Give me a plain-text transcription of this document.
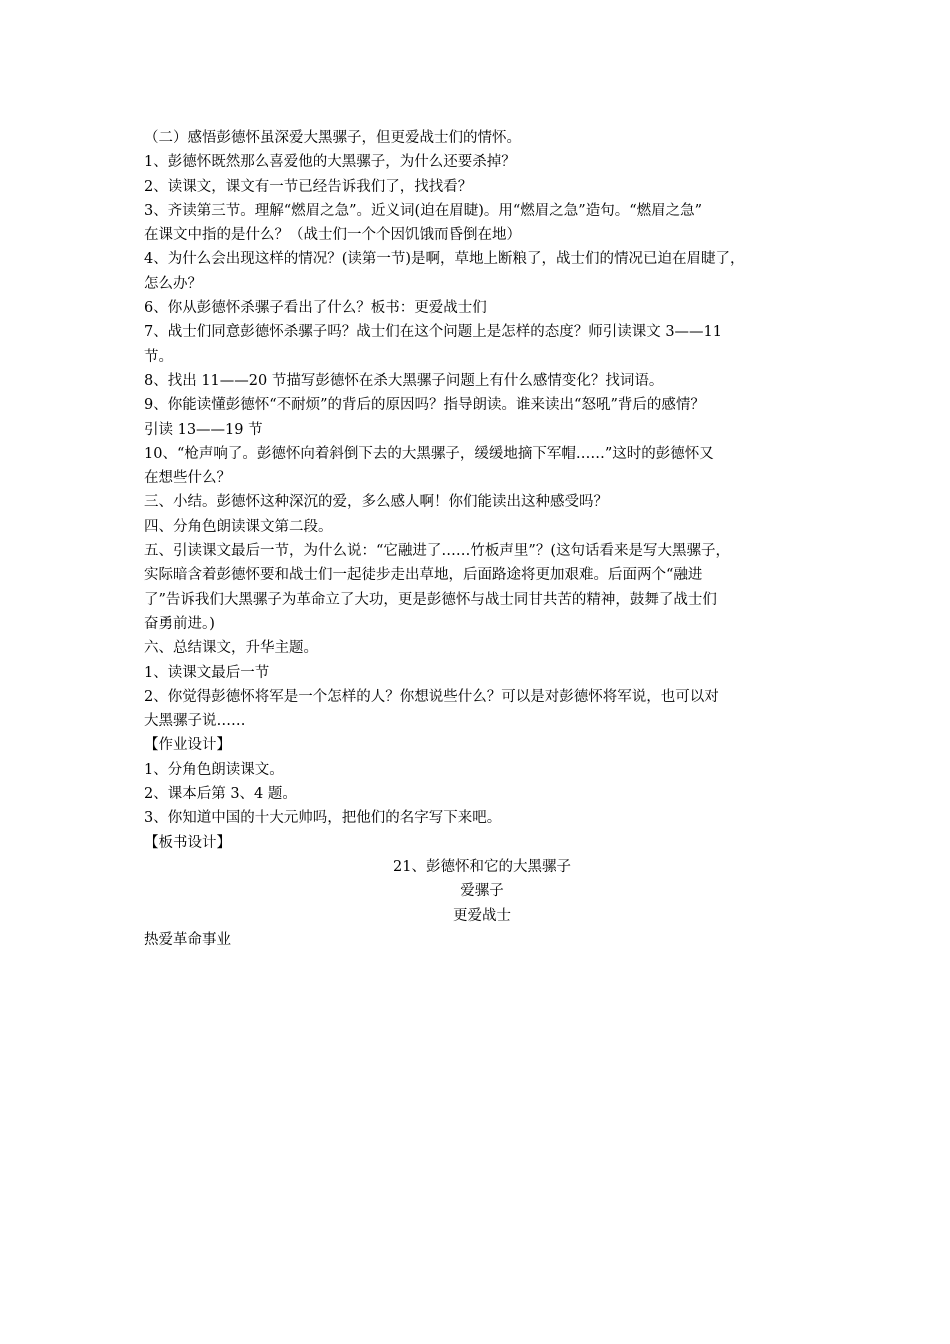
（二）感悟彭德怀虽深爱大黑骡子，但更爱战士们的情怀。
1、彭德怀既然那么喜爱他的大黑骡子，为什么还要杀掉？
2、读课文，课文有一节已经告诉我们了，找找看？
3、齐读第三节。理解“燃眉之急”。近义词(迫在眉睫)。用“燃眉之急”造句。“燃眉之急”
在课文中指的是什么？（战士们一个个因饥饿而昏倒在地）
4、为什么会出现这样的情况？(读第一节)是啊，草地上断粮了，战士们的情况已迫在眉睫了，
怎么办？
6、你从彭德怀杀骡子看出了什么？板书：更爱战士们
7、战士们同意彭德怀杀骡子吗？战士们在这个问题上是怎样的态度？师引读课文 3——11
节。
8、找出 11——20 节描写彭德怀在杀大黑骡子问题上有什么感情变化？找词语。
9、你能读懂彭德怀“不耐烦”的背后的原因吗？指导朗读。谁来读出“怒吼”背后的感情？
引读 13——19 节
10、“枪声响了。彭德怀向着斜倒下去的大黑骡子，缓缓地摘下军帽……”这时的彭德怀又
在想些什么？
三、小结。彭德怀这种深沉的爱，多么感人啊！你们能读出这种感受吗？
四、分角色朗读课文第二段。
五、引读课文最后一节，为什么说：“它融进了……竹板声里”？(这句话看来是写大黑骡子，
实际暗含着彭德怀要和战士们一起徒步走出草地，后面路途将更加艰难。后面两个“融进
了”告诉我们大黑骡子为革命立了大功，更是彭德怀与战士同甘共苦的精神，鼓舞了战士们
奋勇前进。)
六、总结课文，升华主题。
1、读课文最后一节
2、你觉得彭德怀将军是一个怎样的人？你想说些什么？可以是对彭德怀将军说，也可以对
大黑骡子说……
【作业设计】
1、分角色朗读课文。
2、课本后第 3、4 题。
3、你知道中国的十大元帅吗，把他们的名字写下来吧。
【板书设计】
21、彭德怀和它的大黑骡子
爱骡子
更爱战士
热爱革命事业
